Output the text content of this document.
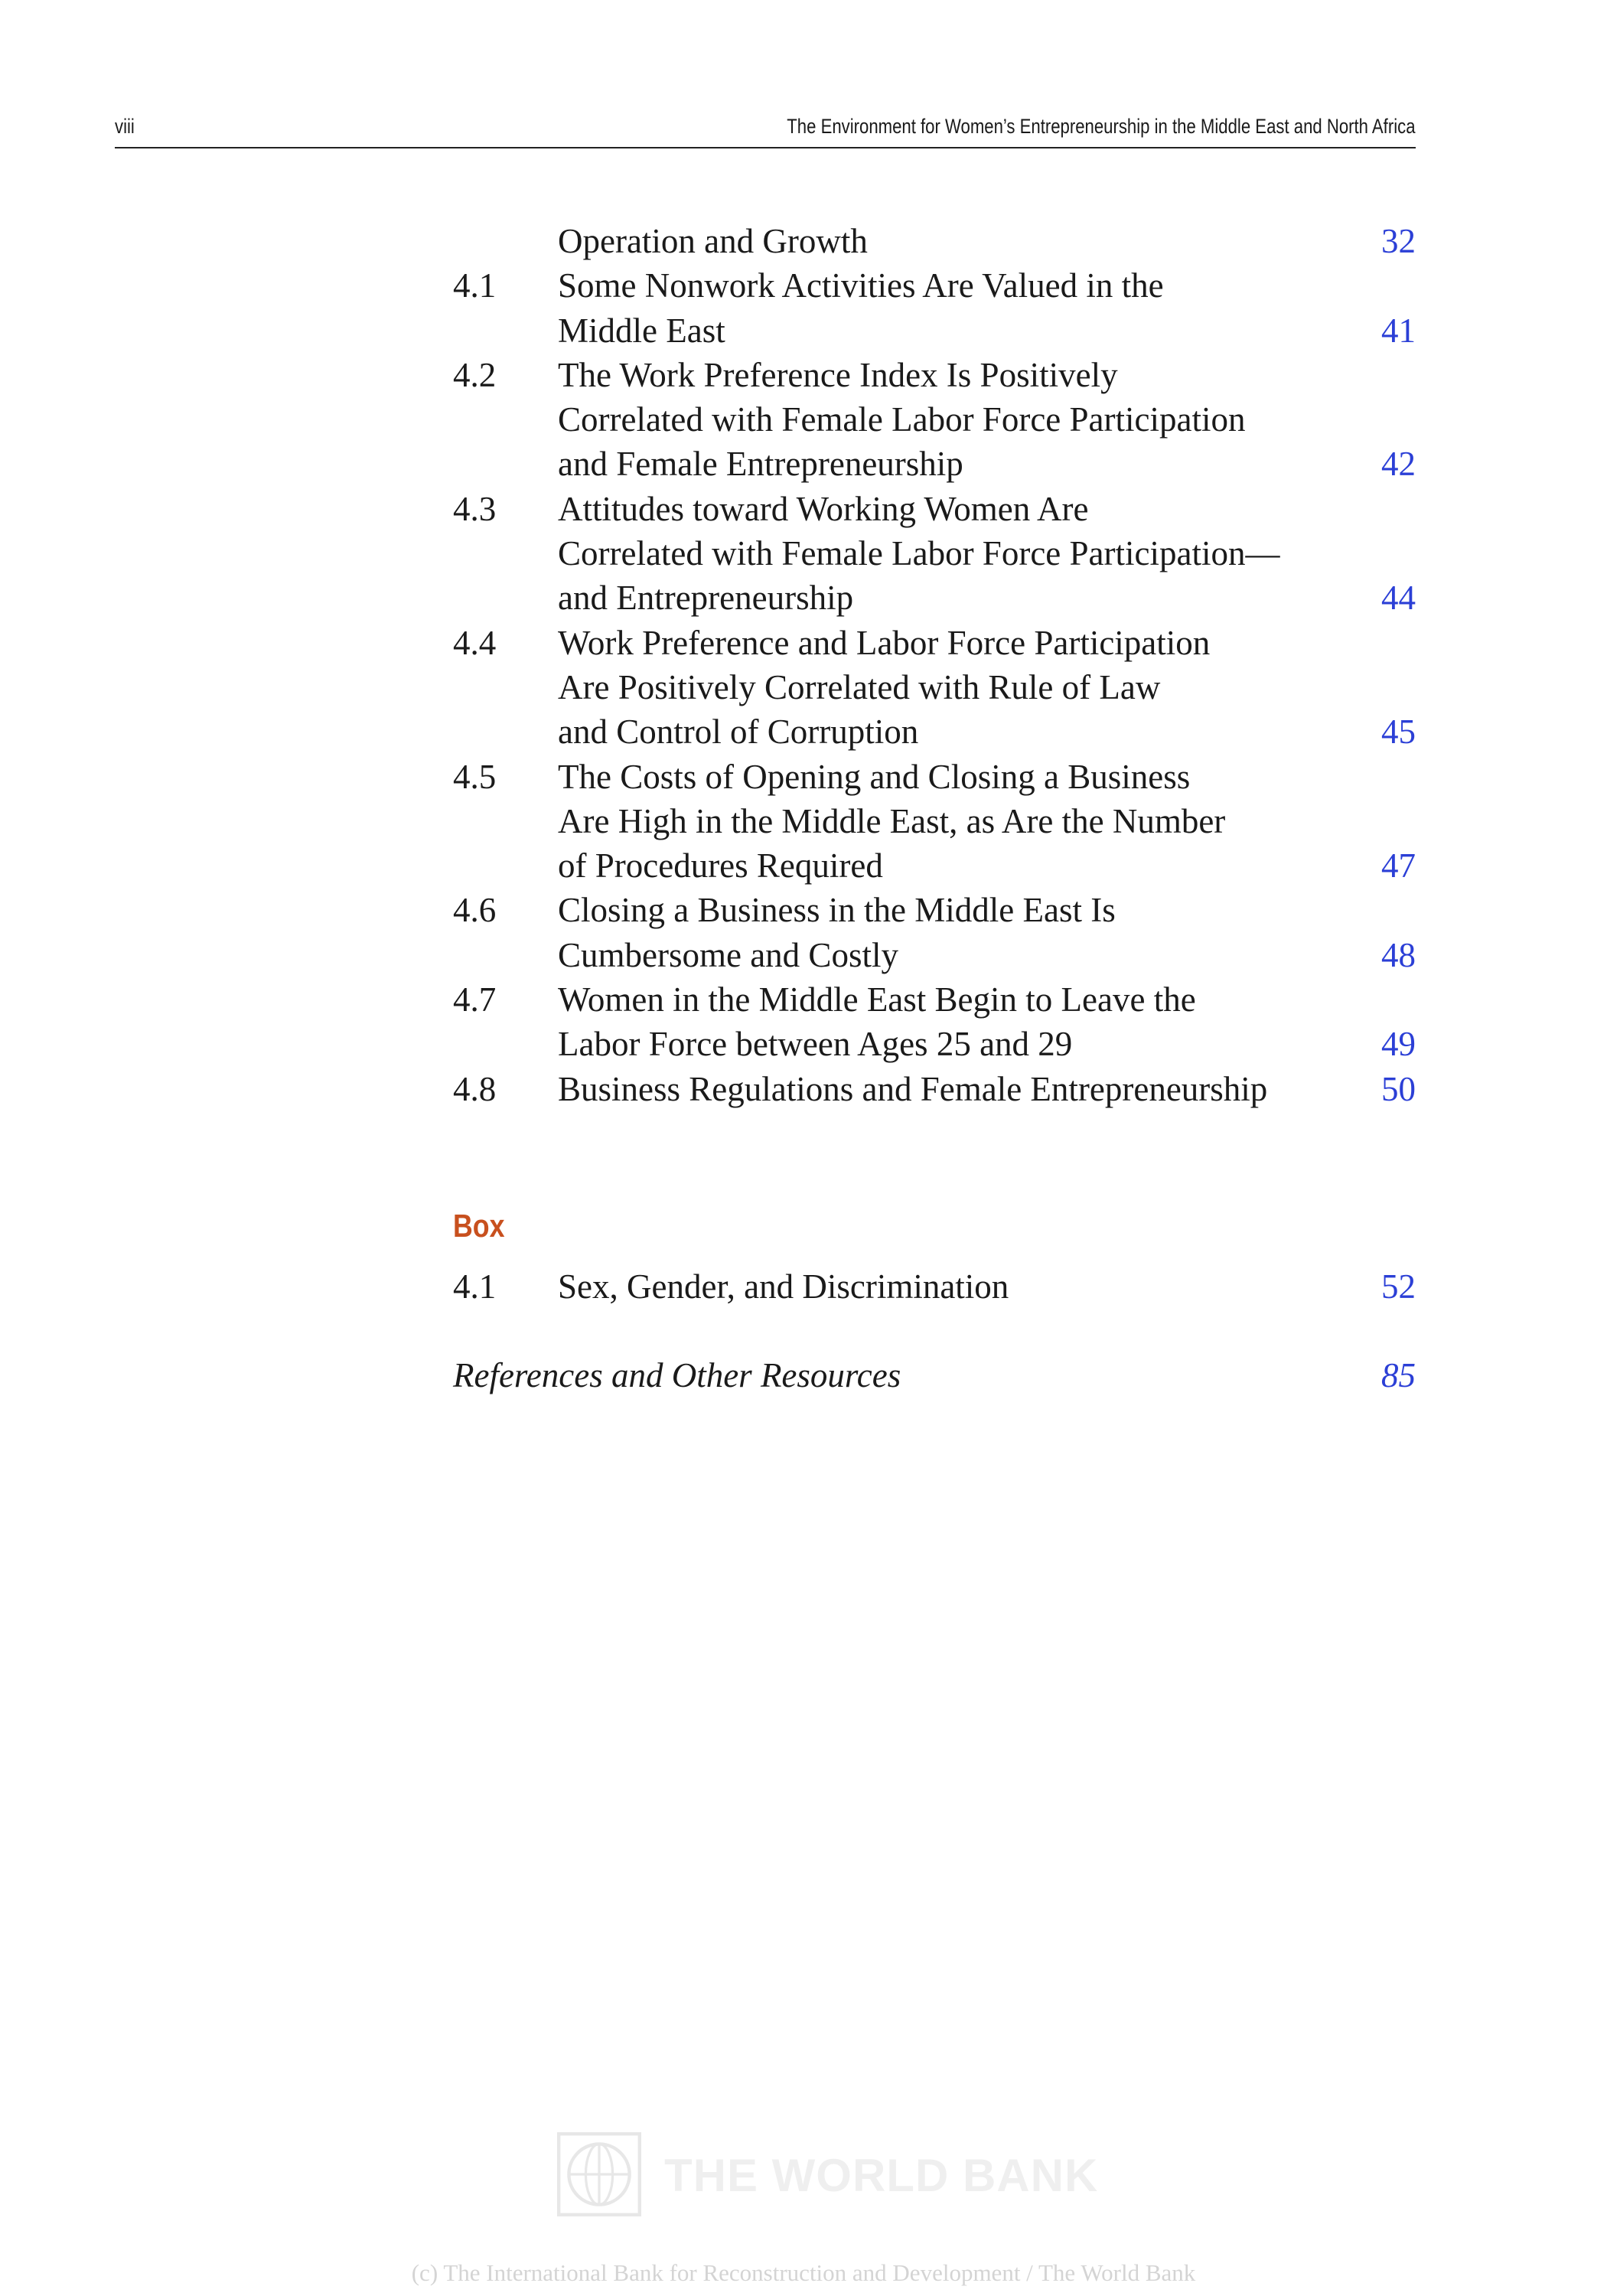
viii	The Environment for Women’s Entrepreneurship in the Middle East and North Africa
Operation and Growth	32
4.1 Some Nonwork Activities Are Valued in the
Middle East	41
4.2 The Work Preference Index Is Positively
Correlated with Female Labor Force Participation
and Female Entrepreneurship	42
4.3 Attitudes toward Working Women Are
Correlated with Female Labor Force Participation—
and Entrepreneurship	44
4.4 Work Preference and Labor Force Participation
Are Positively Correlated with Rule of Law
and Control of Corruption	45
4.5 The Costs of Opening and Closing a Business
Are High in the Middle East, as Are the Number
of Procedures Required	47
4.6 Closing a Business in the Middle East Is
Cumbersome and Costly	48
4.7 Women in the Middle East Begin to Leave the
Labor Force between Ages 25 and 29	49
4.8 Business Regulations and Female Entrepreneurship	50
Box
4.1 Sex, Gender, and Discrimination	52
References and Other Resources	85
THE WORLD BANK
(c) The International Bank for Reconstruction and Development / The World Bank
